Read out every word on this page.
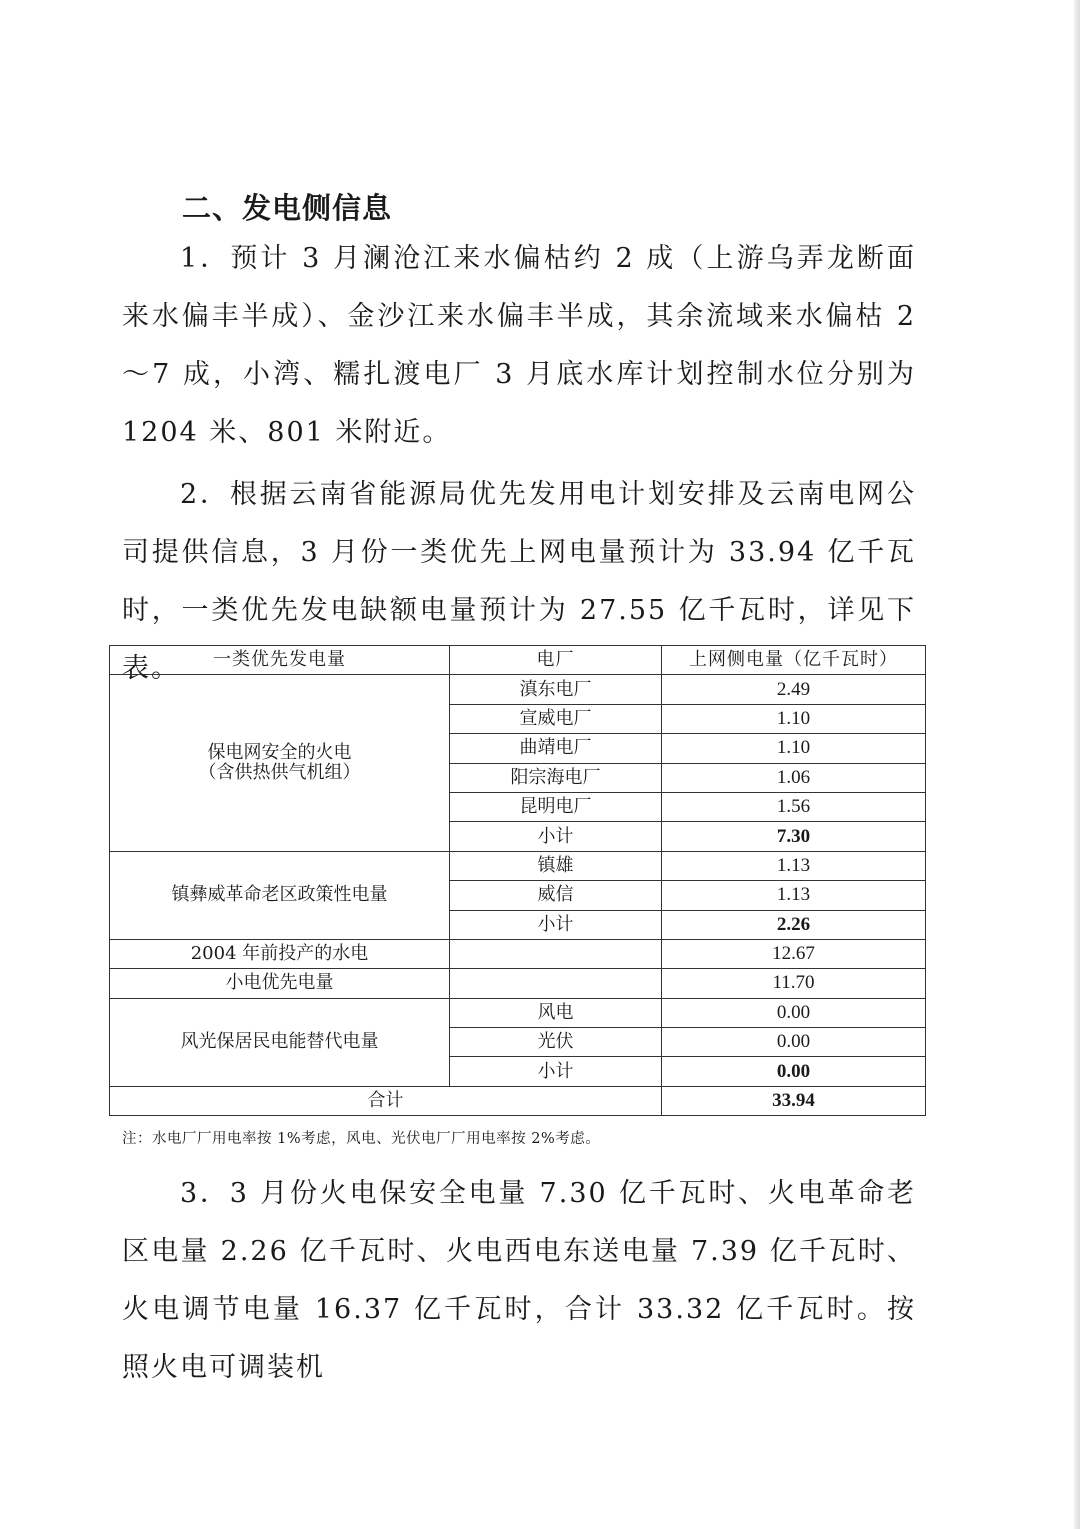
二、发电侧信息
1．预计 3 月澜沧江来水偏枯约 2 成（上游乌弄龙断面来水偏丰半成）、金沙江来水偏丰半成，其余流域来水偏枯 2～7 成，小湾、糯扎渡电厂 3 月底水库计划控制水位分别为 1204 米、801 米附近。
2．根据云南省能源局优先发用电计划安排及云南电网公司提供信息，3 月份一类优先上网电量预计为 33.94 亿千瓦时，一类优先发电缺额电量预计为 27.55 亿千瓦时，详见下表。	一类优先发电量	电厂	上网侧电量（亿千瓦时）

保电网安全的火电
（含供热供气机组）	滇东电厂	2.49
	宣威电厂	1.10
	曲靖电厂	1.10
	阳宗海电厂	1.06
	昆明电厂	1.56
	小计	7.30
镇彝威革命老区政策性电量	镇雄	1.13
	威信	1.13
	小计	2.26
2004 年前投产的水电		12.67
小电优先电量		11.70
风光保居民电能替代电量	风电	0.00
	光伏	0.00
	小计	0.00
合计		33.94
注：水电厂厂用电率按 1%考虑，风电、光伏电厂厂用电率按 2%考虑。
3．3 月份火电保安全电量 7.30 亿千瓦时、火电革命老区电量 2.26 亿千瓦时、火电西电东送电量 7.39 亿千瓦时、火电调节电量 16.37 亿千瓦时，合计 33.32 亿千瓦时。按照火电可调装机
